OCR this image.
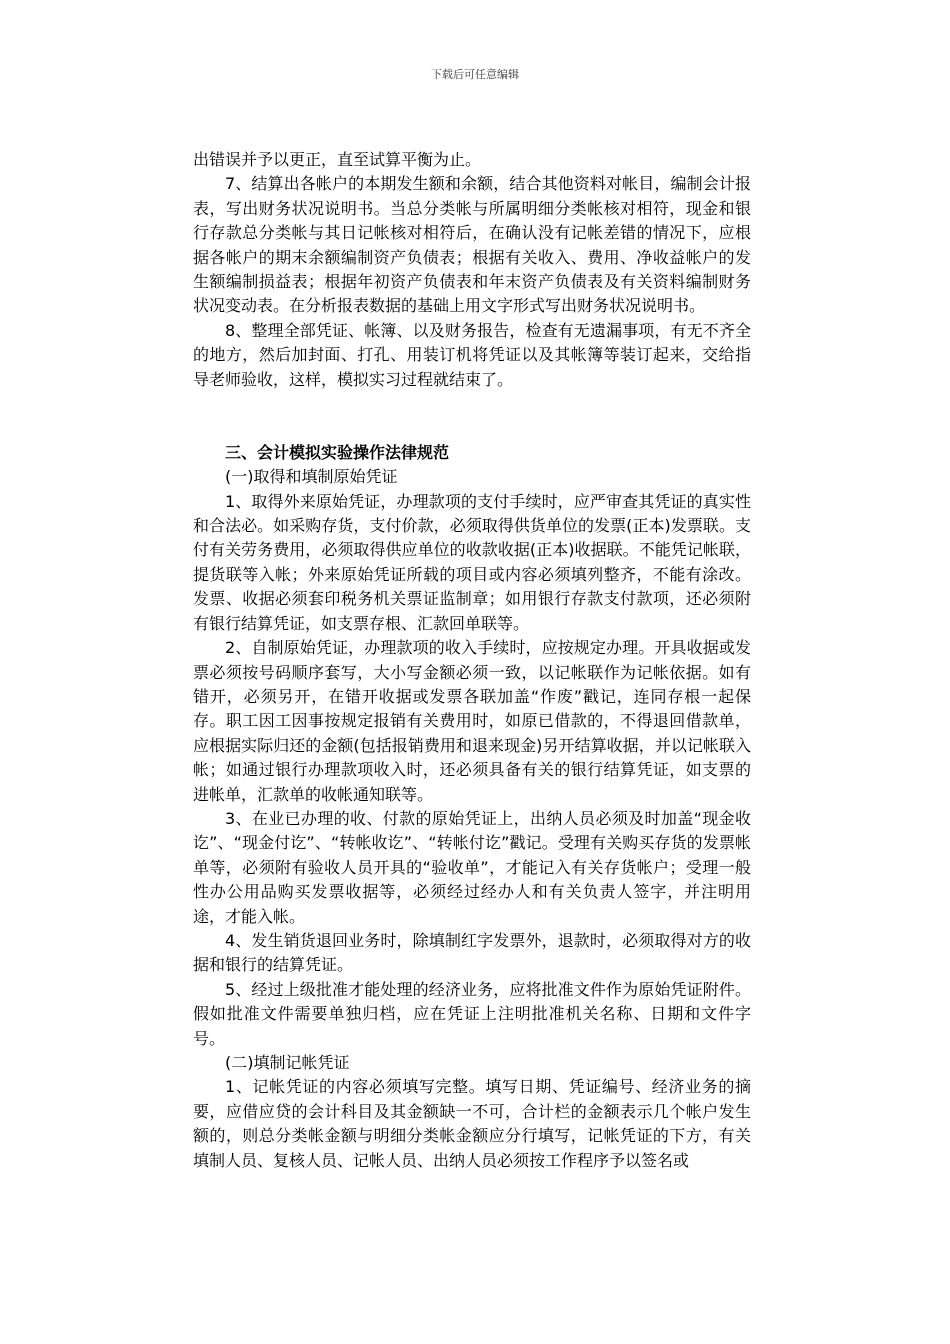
下载后可任意编辑

出错误并予以更正，直至试算平衡为止。

7、结算出各帐户的本期发生额和余额，结合其他资料对帐目，编制会计报表，写出财务状况说明书。当总分类帐与所属明细分类帐核对相符，现金和银行存款总分类帐与其日记帐核对相符后，在确认没有记帐差错的情况下，应根据各帐户的期末余额编制资产负债表；根据有关收入、费用、净收益帐户的发生额编制损益表；根据年初资产负债表和年末资产负债表及有关资料编制财务状况变动表。在分析报表数据的基础上用文字形式写出财务状况说明书。

8、整理全部凭证、帐簿、以及财务报告，检查有无遗漏事项，有无不齐全的地方，然后加封面、打孔、用装订机将凭证以及其帐簿等装订起来，交给指导老师验收，这样，模拟实习过程就结束了。

三、会计模拟实验操作法律规范

(一)取得和填制原始凭证

1、取得外来原始凭证，办理款项的支付手续时，应严审查其凭证的真实性和合法必。如采购存货，支付价款，必须取得供货单位的发票(正本)发票联。支付有关劳务费用，必须取得供应单位的收款收据(正本)收据联。不能凭记帐联，提货联等入帐；外来原始凭证所载的项目或内容必须填列整齐，不能有涂改。发票、收据必须套印税务机关票证监制章；如用银行存款支付款项，还必须附有银行结算凭证，如支票存根、汇款回单联等。

2、自制原始凭证，办理款项的收入手续时，应按规定办理。开具收据或发票必须按号码顺序套写，大小写金额必须一致，以记帐联作为记帐依据。如有错开，必须另开，在错开收据或发票各联加盖“作废”戳记，连同存根一起保存。职工因工因事按规定报销有关费用时，如原已借款的，不得退回借款单，应根据实际归还的金额(包括报销费用和退来现金)另开结算收据，并以记帐联入帐；如通过银行办理款项收入时，还必须具备有关的银行结算凭证，如支票的进帐单，汇款单的收帐通知联等。

3、在业已办理的收、付款的原始凭证上，出纳人员必须及时加盖“现金收讫”、“现金付讫”、“转帐收讫”、“转帐付讫”戳记。受理有关购买存货的发票帐单等，必须附有验收人员开具的“验收单”，才能记入有关存货帐户；受理一般性办公用品购买发票收据等，必须经过经办人和有关负责人签字，并注明用途，才能入帐。

4、发生销货退回业务时，除填制红字发票外，退款时，必须取得对方的收据和银行的结算凭证。

5、经过上级批准才能处理的经济业务，应将批准文件作为原始凭证附件。假如批准文件需要单独归档，应在凭证上注明批准机关名称、日期和文件字号。

(二)填制记帐凭证

1、记帐凭证的内容必须填写完整。填写日期、凭证编号、经济业务的摘要，应借应贷的会计科目及其金额缺一不可，合计栏的金额表示几个帐户发生额的，则总分类帐金额与明细分类帐金额应分行填写，记帐凭证的下方，有关填制人员、复核人员、记帐人员、出纳人员必须按工作程序予以签名或
